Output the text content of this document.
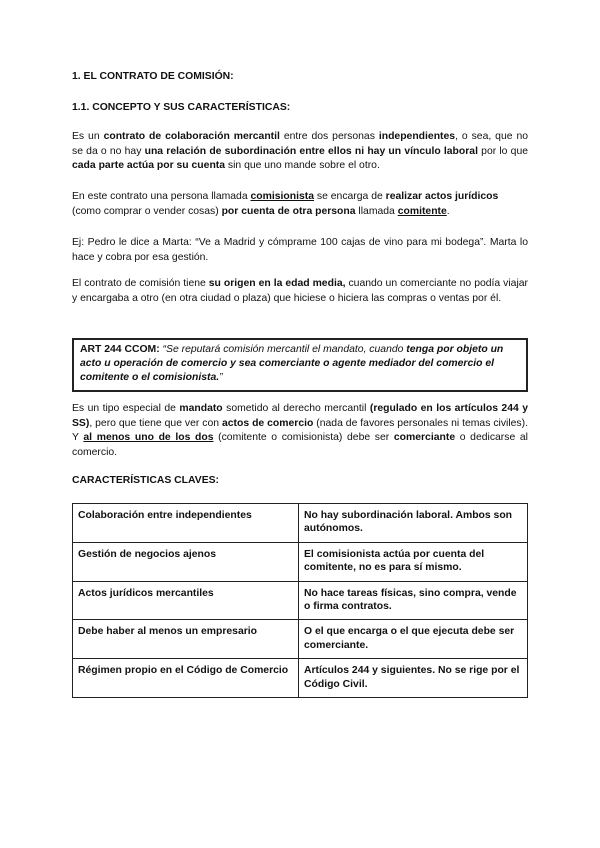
1. EL CONTRATO DE COMISIÓN:

1.1. CONCEPTO Y SUS CARACTERÍSTICAS:

Es un contrato de colaboración mercantil entre dos personas independientes, o sea, que no se da o no hay una relación de subordinación entre ellos ni hay un vínculo laboral por lo que cada parte actúa por su cuenta sin que uno mande sobre el otro.

En este contrato una persona llamada comisionista se encarga de realizar actos jurídicos (como comprar o vender cosas) por cuenta de otra persona llamada comitente.

Ej: Pedro le dice a Marta: “Ve a Madrid y cómprame 100 cajas de vino para mi bodega”. Marta lo hace y cobra por esa gestión.

El contrato de comisión tiene su origen en la edad media, cuando un comerciante no podía viajar y encargaba a otro (en otra ciudad o plaza) que hiciese o hiciera las compras o ventas por él.

ART 244 CCOM: “Se reputará comisión mercantil el mandato, cuando tenga por objeto un acto u operación de comercio y sea comerciante o agente mediador del comercio el comitente o el comisionista.”

Es un tipo especial de mandato sometido al derecho mercantil (regulado en los artículos 244 y SS), pero que tiene que ver con actos de comercio (nada de favores personales ni temas civiles). Y al menos uno de los dos (comitente o comisionista) debe ser comerciante o dedicarse al comercio.

CARACTERÍSTICAS CLAVES:

Colaboración entre independientes	No hay subordinación laboral. Ambos son autónomos.
Gestión de negocios ajenos	El comisionista actúa por cuenta del comitente, no es para sí mismo.
Actos jurídicos mercantiles	No hace tareas físicas, sino compra, vende o firma contratos.
Debe haber al menos un empresario	O el que encarga o el que ejecuta debe ser comerciante.
Régimen propio en el Código de Comercio	Artículos 244 y siguientes. No se rige por el Código Civil.
